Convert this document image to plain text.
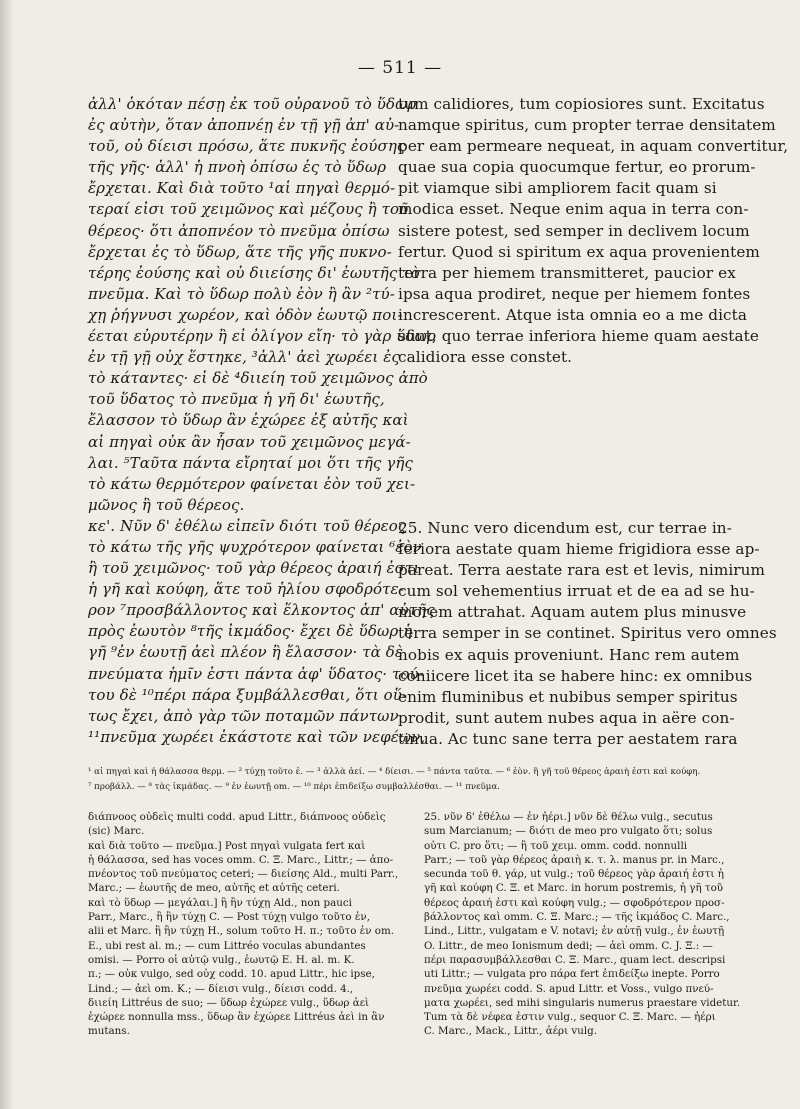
— 511 —
ἀλλ' ὁκόταν πέσῃ ἐκ τοῦ οὐρανοῦ τὸ ὕδωρ
ἐς αὐτὴν, ὅταν ἀποπνέῃ ἐν τῇ γῇ ἀπ' αὐ-
τοῦ, οὐ δίεισι πρόσω, ἅτε πυκνῆς ἐούσης
τῆς γῆς· ἀλλ' ἡ πνοὴ ὀπίσω ἐς τὸ ὕδωρ
ἔρχεται. Καὶ διὰ τοῦτο ¹αἱ πηγαὶ θερμό-
τεραί εἰσι τοῦ χειμῶνος καὶ μέζους ἢ τοῦ
θέρεος· ὅτι ἀποπνέον τὸ πνεῦμα ὀπίσω
ἔρχεται ἐς τὸ ὕδωρ, ἅτε τῆς γῆς πυκνο-
τέρης ἐούσης καὶ οὐ διιείσης δι' ἑωυτῆς τὸ
πνεῦμα. Καὶ τὸ ὕδωρ πολὺ ἐὸν ἢ ἂν ²τύ-
χῃ ῥήγνυσι χωρέον, καὶ ὁδὸν ἑωυτῷ ποι-
έεται εὐρυτέρην ἢ εἰ ὀλίγον εἴη· τὸ γὰρ ὕδωρ
ἐν τῇ γῇ οὐχ ἕστηκε, ³ἀλλ' ἀεὶ χωρέει ἐς
τὸ κάταντες· εἰ δὲ ⁴διιείη τοῦ χειμῶνος ἀπὸ
τοῦ ὕδατος τὸ πνεῦμα ἡ γῆ δι' ἑωυτῆς,
ἔλασσον τὸ ὕδωρ ἂν ἐχώρεε ἐξ αὐτῆς καὶ
αἱ πηγαὶ οὐκ ἂν ἦσαν τοῦ χειμῶνος μεγά-
λαι. ⁵Ταῦτα πάντα εἴρηταί μοι ὅτι τῆς γῆς
τὸ κάτω θερμότερον φαίνεται ἐὸν τοῦ χει-
μῶνος ἢ τοῦ θέρεος.
κε'. Νῦν δ' ἐθέλω εἰπεῖν διότι τοῦ θέρεος
τὸ κάτω τῆς γῆς ψυχρότερον φαίνεται ⁶ἐὸν
ἢ τοῦ χειμῶνος· τοῦ γὰρ θέρεος ἀραιή ἐστι
ἡ γῆ καὶ κούφη, ἅτε τοῦ ἡλίου σφοδρότε-
ρον ⁷προσβάλλοντος καὶ ἕλκοντος ἀπ' αὐτῆς
πρὸς ἑωυτὸν ⁸τῆς ἰκμάδος· ἔχει δὲ ὕδωρ ἡ
γῆ ⁹ἐν ἑωυτῇ ἀεὶ πλέον ἢ ἔλασσον· τὰ δὲ
πνεύματα ἡμῖν ἐστι πάντα ἀφ' ὕδατος· τού-
του δὲ ¹⁰πέρι πάρα ξυμβάλλεσθαι, ὅτι οὕ-
τως ἔχει, ἀπὸ γὰρ τῶν ποταμῶν πάντων
¹¹πνεῦμα χωρέει ἑκάστοτε καὶ τῶν νεφέων,
tum calidiores, tum copiosiores sunt. Excitatus
namque spiritus, cum propter terrae densitatem
per eam permeare nequeat, in aquam convertitur,
quae sua copia quocumque fertur, eo prorum-
pit viamque sibi ampliorem facit quam si
modica esset. Neque enim aqua in terra con-
sistere potest, sed semper in declivem locum
fertur. Quod si spiritum ex aqua provenientem
terra per hiemem transmitteret, paucior ex
ipsa aqua prodiret, neque per hiemem fontes
increscerent. Atque ista omnia eo a me dicta
sunt, quo terrae inferiora hieme quam aestate
calidiora esse constet.
25. Nunc vero dicendum est, cur terrae in-
feriora aestate quam hieme frigidiora esse ap-
pareat. Terra aestate rara est et levis, nimirum
cum sol vehementius irruat et de ea ad se hu-
morem attrahat. Aquam autem plus minusve
terra semper in se continet. Spiritus vero omnes
nobis ex aquis proveniunt. Hanc rem autem
coniicere licet ita se habere hinc: ex omnibus
enim fluminibus et nubibus semper spiritus
prodit, sunt autem nubes aqua in aëre con-
tinua. Ac tunc sane terra per aestatem rara
¹ αἱ πηγαὶ καὶ ἡ θάλασσα θερμ. — ² τύχῃ τοῦτο ἐ. — ³ ἀλλὰ ἀεί. — ⁴ δίεισι. — ⁵ πάντα ταῦτα. — ⁶ ἐὸν. ἢ γῆ τοῦ θέρεος ἀραιὴ ἐστι καὶ κούφη.
⁷ προβάλλ. — ⁸ τὰς ἰκμάδας. — ⁹ ἐν ἑωυτῇ om. — ¹⁰ πέρι ἐπιδείξω συμβαλλέσθαι. — ¹¹ πνεῦμα.
διάπνοος οὐδεὶς multi codd. apud Littr., διάπνοος οὐδεὶς
(sic) Marc.
καὶ διὰ τοῦτο — πνεῦμα.] Post πηγαὶ vulgata fert καὶ
ἡ θάλασσα, sed has voces omm. C. Ξ. Marc., Littr.; — ἀπο-
πνέοντος τοῦ πνεύματος ceteri; — διείσης Ald., multi Parr.,
Marc.; — ἑωυτῆς de meo, αὐτῆς et αὐτῆς ceteri.
καὶ τὸ ὕδωρ — μεγάλαι.] ἢ ἢν τύχῃ Ald., non pauci
Parr., Marc., ἢ ἢν τύχῃ C. — Post τύχῃ vulgo τοῦτο ἐν,
alii et Marc. ἢ ἢν τύχῃ H., solum τοῦτο H. π.; τοῦτο ἐν om.
E., ubi rest al. m.; — cum Littréo voculas abundantes
omisi. — Porro οἱ αὐτῷ vulg., ἑωυτῷ E. H. al. m. K.
π.; — οὐκ vulgo, sed οὐχ codd. 10. apud Littr., hic ipse,
Lind.; — ἀεὶ om. K.; — δίεισι vulg., δίεισι codd. 4.,
διιείη Littréus de suo; — ὕδωρ ἐχώρεε vulg., ὕδωρ ἀεὶ
ἐχώρεε nonnulla mss., ὕδωρ ἂν ἐχώρεε Littréus ἀεὶ in ἂν
mutans.
25. νῦν δ' ἐθέλω — ἐν ἠέρι.] νῦν δὲ θέλω vulg., secutus
sum Marcianum; — διότι de meo pro vulgato ὅτι; solus
οὐτι C. pro ὅτι; — ἢ τοῦ χειμ. omm. codd. nonnulli
Parr.; — τοῦ γὰρ θέρεος ἀραιὴ κ. τ. λ. manus pr. in Marc.,
secunda τοῦ θ. γάρ, ut vulg.; τοῦ θέρεος γὰρ ἀραιή ἐστι ἡ
γῆ καὶ κούφη C. Ξ. et Marc. in horum postremis, ἡ γῆ τοῦ
θέρεος ἀραιή ἐστι καὶ κούφη vulg.; — σφοδρότερον προσ-
βάλλοντος καὶ omm. C. Ξ. Marc.; — τῆς ἰκμάδος C. Marc.,
Lind., Littr., vulgatam e V. notavi; ἐν αὐτῇ vulg., ἐν ἑωυτῇ
O. Littr., de meo Ionismum dedi; — ἀεὶ omm. C. J. Ξ.: —
πέρι παρασυμβάλλεσθαι C. Ξ. Marc., quam lect. descripsi
uti Littr.; — vulgata pro πάρα fert ἐπιδείξω inepte. Porro
πνεῦμα χωρέει codd. S. apud Littr. et Voss., vulgo πνεύ-
ματα χωρέει, sed mihi singularis numerus praestare videtur.
Tum τὰ δὲ νέφεα ἐστιν vulg., sequor C. Ξ. Marc. — ἠέρι
C. Marc., Mack., Littr., ἀέρι vulg.
